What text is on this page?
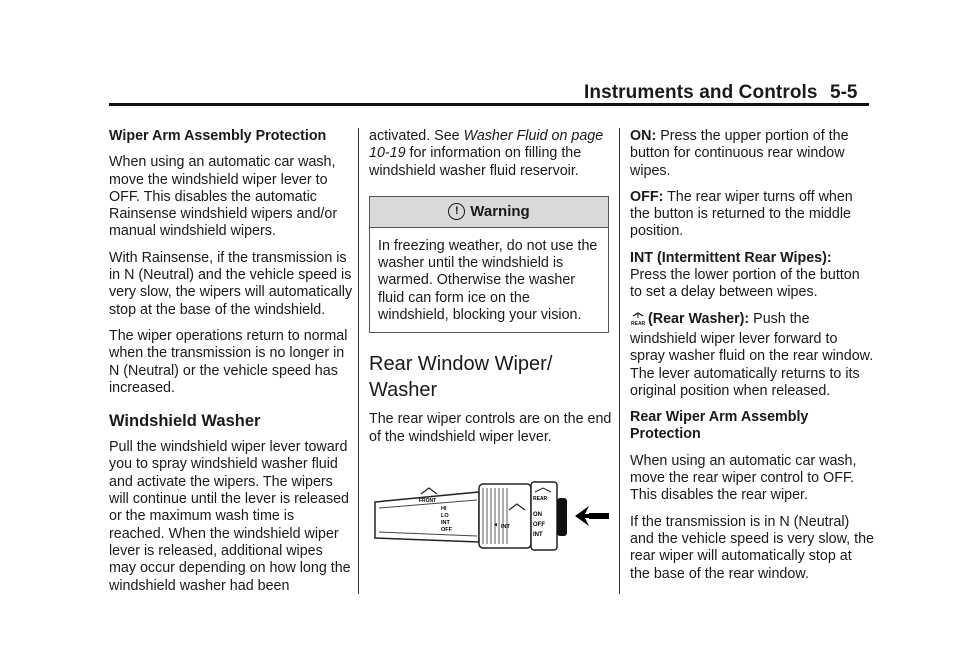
Instruments and Controls 5-5

Wiper Arm Assembly Protection

When using an automatic car wash, move the windshield wiper lever to OFF. This disables the automatic Rainsense windshield wipers and/or manual windshield wipers.

With Rainsense, if the transmission is in N (Neutral) and the vehicle speed is very slow, the wipers will automatically stop at the base of the windshield.

The wiper operations return to normal when the transmission is no longer in N (Neutral) or the vehicle speed has increased.

Windshield Washer

Pull the windshield wiper lever toward you to spray windshield washer fluid and activate the wipers. The wipers will continue until the lever is released or the maximum wash time is reached. When the windshield wiper lever is released, additional wipes may occur depending on how long the windshield washer had been

activated. See Washer Fluid on page 10-19 for information on filling the windshield washer fluid reservoir.

! Warning
In freezing weather, do not use the washer until the windshield is warmed. Otherwise the washer fluid can form ice on the windshield, blocking your vision.
Rear Window Wiper/ Washer

The rear wiper controls are on the end of the windshield wiper lever.

FRONT
HI
LO
INT
OFF
◄ INT
REAR
ON
OFF
INT

ON: Press the upper portion of the button for continuous rear window wipes.

OFF: The rear wiper turns off when the button is returned to the middle position.

INT (Intermittent Rear Wipes):
Press the lower portion of the button to set a delay between wipes.

REAR (Rear Washer): Push the windshield wiper lever forward to spray washer fluid on the rear window. The lever automatically returns to its original position when released.

Rear Wiper Arm Assembly Protection

When using an automatic car wash, move the rear wiper control to OFF. This disables the rear wiper.

If the transmission is in N (Neutral) and the vehicle speed is very slow, the rear wiper will automatically stop at the base of the rear window.
